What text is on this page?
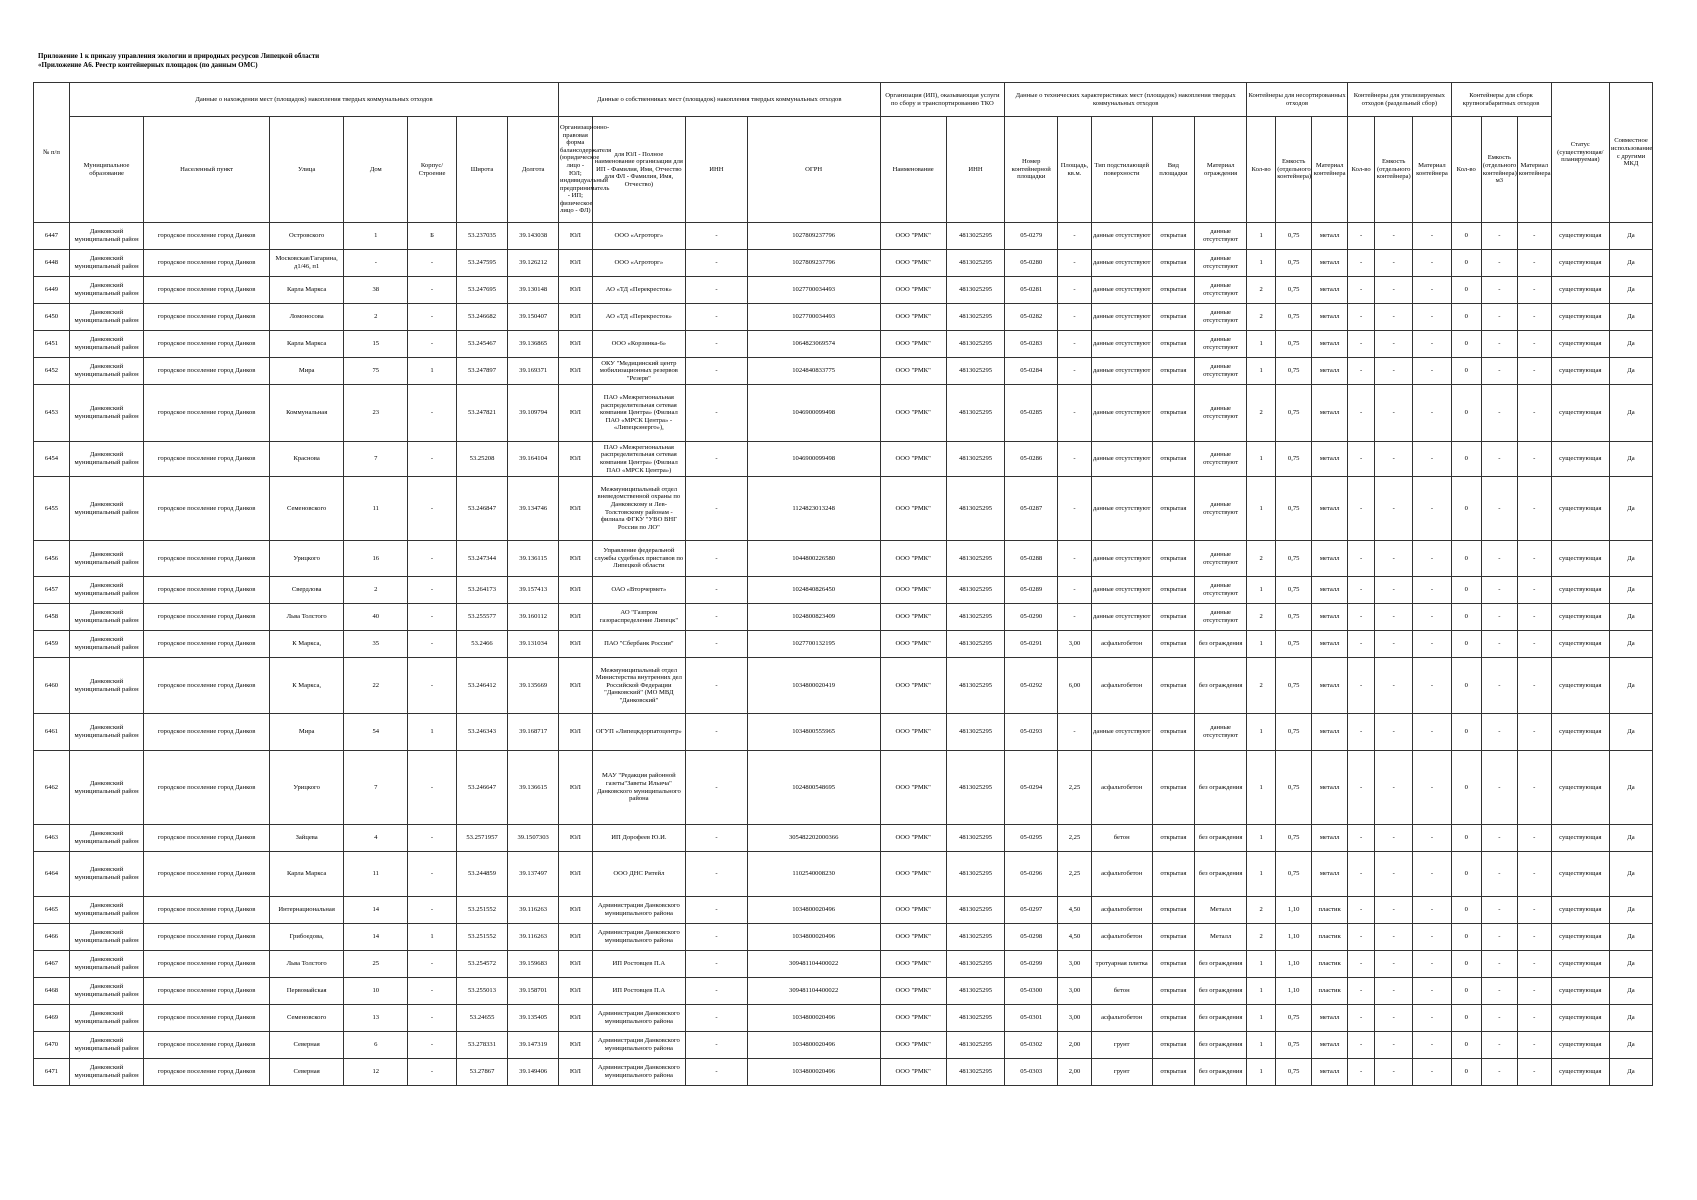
Приложение 1 к приказу управления экологии и природных ресурсов Липецкой области
«Приложение А6. Реестр контейнерных площадок (по данным ОМС)
№ п/п	Данные о нахождении мест (площадок) накопления твердых коммунальных отходов							Данные о собственниках мест (площадок) накопления твердых коммунальных отходов				Организация (ИП), оказывающая услуги по сбору и транспортированию ТКО		Данные о технических характеристиках мест (площадок) накопления твердых коммунальных отходов					Контейнеры для несортированных отходов			Контейнеры для утилизируемых отходов (раздельный сбор)			Контейнеры для сборк крупногабаритных отходов			Статус (существующая/ планируемая)	Совместное использование с другими МКД
	Муниципальное образование	Населенный пункт	Улица	Дом	Корпус/Строение	Широта	Долгота	Организационно-правовая форма балансодержателя (юридическое лицо - ЮЛ; индивидуальный предприниматель - ИП; физическое лицо - ФЛ)	для ЮЛ - Полное наименование организации для ИП - Фамилия, Имя, Отчество для ФЛ - Фамилия, Имя, Отчество)	ИНН	ОГРН	Наименование	ИНН	Номер контейнерной площадки	Площадь, кв.м.	Тип подстилающей поверхности	Вид площадки	Материал ограждения	Кол-во	Емкость (отдельного контейнера)	Материал контейнера	Кол-во	Емкость (отдельного контейнера)	Материал контейнера	Кол-во	Емкость (отдельного контейнера) м3	Материал контейнера		
6447	Данковский муниципальный район	городское поселение город Данков	Островского	1	Б	53.237035	39.143038	ЮЛ	ООО «Агроторг»	-	1027809237796	ООО "РМК"	4813025295	05-0279	-	данные отсутствуют	открытая	данные отсутствуют	1	0,75	металл	-	-	-	0	-	-	существующая	Да
6448	Данковский муниципальный район	городское поселение город Данков	Московская/Гагарина, д1/46, п1	-	-	53.247595	39.126212	ЮЛ	ООО «Агроторг»	-	1027809237796	ООО "РМК"	4813025295	05-0280	-	данные отсутствуют	открытая	данные отсутствуют	1	0,75	металл	-	-	-	0	-	-	существующая	Да
6449	Данковский муниципальный район	городское поселение город Данков	Карла Маркса	38	-	53.247695	39.130148	ЮЛ	АО «ТД «Перекресток»	-	1027700034493	ООО "РМК"	4813025295	05-0281	-	данные отсутствуют	открытая	данные отсутствуют	2	0,75	металл	-	-	-	0	-	-	существующая	Да
6450	Данковский муниципальный район	городское поселение город Данков	Ломоносова	2	-	53.246682	39.150407	ЮЛ	АО «ТД «Перекресток»	-	1027700034493	ООО "РМК"	4813025295	05-0282	-	данные отсутствуют	открытая	данные отсутствуют	2	0,75	металл	-	-	-	0	-	-	существующая	Да
6451	Данковский муниципальный район	городское поселение город Данков	Карла Маркса	15	-	53.245467	39.136865	ЮЛ	ООО «Корзинка-6»	-	1064823069574	ООО "РМК"	4813025295	05-0283	-	данные отсутствуют	открытая	данные отсутствуют	1	0,75	металл	-	-	-	0	-	-	существующая	Да
6452	Данковский муниципальный район	городское поселение город Данков	Мира	75	1	53.247897	39.169371	ЮЛ	ОКУ "Медицинский центр мобилизационных резервов "Резерв"	-	1024840833775	ООО "РМК"	4813025295	05-0284	-	данные отсутствуют	открытая	данные отсутствуют	1	0,75	металл	-	-	-	0	-	-	существующая	Да
6453	Данковский муниципальный район	городское поселение город Данков	Коммунальная	23	-	53.247821	39.109794	ЮЛ	ПАО «Межрегиональная распределительная сетевая компания Центра» (Филиал ПАО «МРСК Центра» - «Липецкэнерго»),	-	1046900099498	ООО "РМК"	4813025295	05-0285	-	данные отсутствуют	открытая	данные отсутствуют	2	0,75	металл	-	-	-	0	-	-	существующая	Да
6454	Данковский муниципальный район	городское поселение город Данков	Краснова	7	-	53.25208	39.164104	ЮЛ	ПАО «Межрегиональная распределительная сетевая компания Центра» (Филиал ПАО «МРСК Центра»)	-	1046900099498	ООО "РМК"	4813025295	05-0286	-	данные отсутствуют	открытая	данные отсутствуют	1	0,75	металл	-	-	-	0	-	-	существующая	Да
6455	Данковский муниципальный район	городское поселение город Данков	Семеновского	11	-	53.246847	39.134746	ЮЛ	Межмуниципальный отдел вневедомственной охраны по Данковскому и Лев-Толстовскому районам - филиала ФГКУ "УВО ВНГ России по ЛО"	-	1124823013248	ООО "РМК"	4813025295	05-0287	-	данные отсутствуют	открытая	данные отсутствуют	1	0,75	металл	-	-	-	0	-	-	существующая	Да
6456	Данковский муниципальный район	городское поселение город Данков	Урицкого	16	-	53.247344	39.136115	ЮЛ	Управление федеральной службы судебных приставов по Липецкой области	-	1044800226580	ООО "РМК"	4813025295	05-0288	-	данные отсутствуют	открытая	данные отсутствуют	2	0,75	металл	-	-	-	0	-	-	существующая	Да
6457	Данковский муниципальный район	городское поселение город Данков	Свердлова	2	-	53.264173	39.157413	ЮЛ	ОАО «Вторчермет»	-	1024840826450	ООО "РМК"	4813025295	05-0289	-	данные отсутствуют	открытая	данные отсутствуют	1	0,75	металл	-	-	-	0	-	-	существующая	Да
6458	Данковский муниципальный район	городское поселение город Данков	Льва Толстого	40	-	53.255577	39.160112	ЮЛ	АО "Газпром газораспределение Липецк"	-	1024800823409	ООО "РМК"	4813025295	05-0290	-	данные отсутствуют	открытая	данные отсутствуют	2	0,75	металл	-	-	-	0	-	-	существующая	Да
6459	Данковский муниципальный район	городское поселение город Данков	К Маркса,	35	-	53.2466	39.131034	ЮЛ	ПАО "Сбербанк России"	-	1027700132195	ООО "РМК"	4813025295	05-0291	3,00	асфальтобетон	открытая	без ограждения	1	0,75	металл	-	-	-	0	-	-	существующая	Да
6460	Данковский муниципальный район	городское поселение город Данков	К Маркса,	22	-	53.246412	39.135669	ЮЛ	Межмуниципальный отдел Министерства внутренних дел Российской Федерации "Данковский" (МО МВД "Данковский"	-	1034800020419	ООО "РМК"	4813025295	05-0292	6,00	асфальтобетон	открытая	без ограждения	2	0,75	металл	-	-	-	0	-	-	существующая	Да
6461	Данковский муниципальный район	городское поселение город Данков	Мира	54	1	53.246343	39.168717	ЮЛ	ОГУП «Липецкдорпатоцентр»	-	1034800555965	ООО "РМК"	4813025295	05-0293	-	данные отсутствуют	открытая	данные отсутствуют	1	0,75	металл	-	-	-	0	-	-	существующая	Да
6462	Данковский муниципальный район	городское поселение город Данков	Урицкого	7	-	53.246647	39.136615	ЮЛ	МАУ "Редакция районной газеты"Заветы Ильича" Данковского муниципального района	-	1024800548695	ООО "РМК"	4813025295	05-0294	2,25	асфальтобетон	открытая	без ограждения	1	0,75	металл	-	-	-	0	-	-	существующая	Да
6463	Данковский муниципальный район	городское поселение город Данков	Зайцева	4	-	53.2571957	39.1507303	ЮЛ	ИП Дорофеев Ю.И.	-	305482202000366	ООО "РМК"	4813025295	05-0295	2,25	бетон	открытая	без ограждения	1	0,75	металл	-	-	-	0	-	-	существующая	Да
6464	Данковский муниципальный район	городское поселение город Данков	Карла Маркса	11	-	53.244859	39.137497	ЮЛ	ООО ДНС Ритейл	-	1102540008230	ООО "РМК"	4813025295	05-0296	2,25	асфальтобетон	открытая	без ограждения	1	0,75	металл	-	-	-	0	-	-	существующая	Да
6465	Данковский муниципальный район	городское поселение город Данков	Интернациональная	14	-	53.251552	39.116263	ЮЛ	Администрация Данковского муниципального района	-	1034800020496	ООО "РМК"	4813025295	05-0297	4,50	асфальтобетон	открытая	Металл	2	1,10	пластик	-	-	-	0	-	-	существующая	Да
6466	Данковский муниципальный район	городское поселение город Данков	Грибоедова,	14	1	53.251552	39.116263	ЮЛ	Администрация Данковского муниципального района	-	1034800020496	ООО "РМК"	4813025295	05-0298	4,50	асфальтобетон	открытая	Металл	2	1,10	пластик	-	-	-	0	-	-	существующая	Да
6467	Данковский муниципальный район	городское поселение город Данков	Льва Толстого	25	-	53.254572	39.159683	ЮЛ	ИП Ростовцев П.А	-	309481104400022	ООО "РМК"	4813025295	05-0299	3,00	тротуарная плитка	открытая	без ограждения	1	1,10	пластик	-	-	-	0	-	-	существующая	Да
6468	Данковский муниципальный район	городское поселение город Данков	Первомайская	10	-	53.255013	39.158701	ЮЛ	ИП Ростовцев П.А	-	309481104400022	ООО "РМК"	4813025295	05-0300	3,00	бетон	открытая	без ограждения	1	1,10	пластик	-	-	-	0	-	-	существующая	Да
6469	Данковский муниципальный район	городское поселение город Данков	Семеновского	13	-	53.24655	39.135405	ЮЛ	Администрация Данковского муниципального района	-	1034800020496	ООО "РМК"	4813025295	05-0301	3,00	асфальтобетон	открытая	без ограждения	1	0,75	металл	-	-	-	0	-	-	существующая	Да
6470	Данковский муниципальный район	городское поселение город Данков	Северная	6	-	53.278331	39.147319	ЮЛ	Администрация Данковского муниципального района	-	1034800020496	ООО "РМК"	4813025295	05-0302	2,00	грунт	открытая	без ограждения	1	0,75	металл	-	-	-	0	-	-	существующая	Да
6471	Данковский муниципальный район	городское поселение город Данков	Северная	12	-	53.27867	39.149406	ЮЛ	Администрация Данковского муниципального района	-	1034800020496	ООО "РМК"	4813025295	05-0303	2,00	грунт	открытая	без ограждения	1	0,75	металл	-	-	-	0	-	-	существующая	Да
